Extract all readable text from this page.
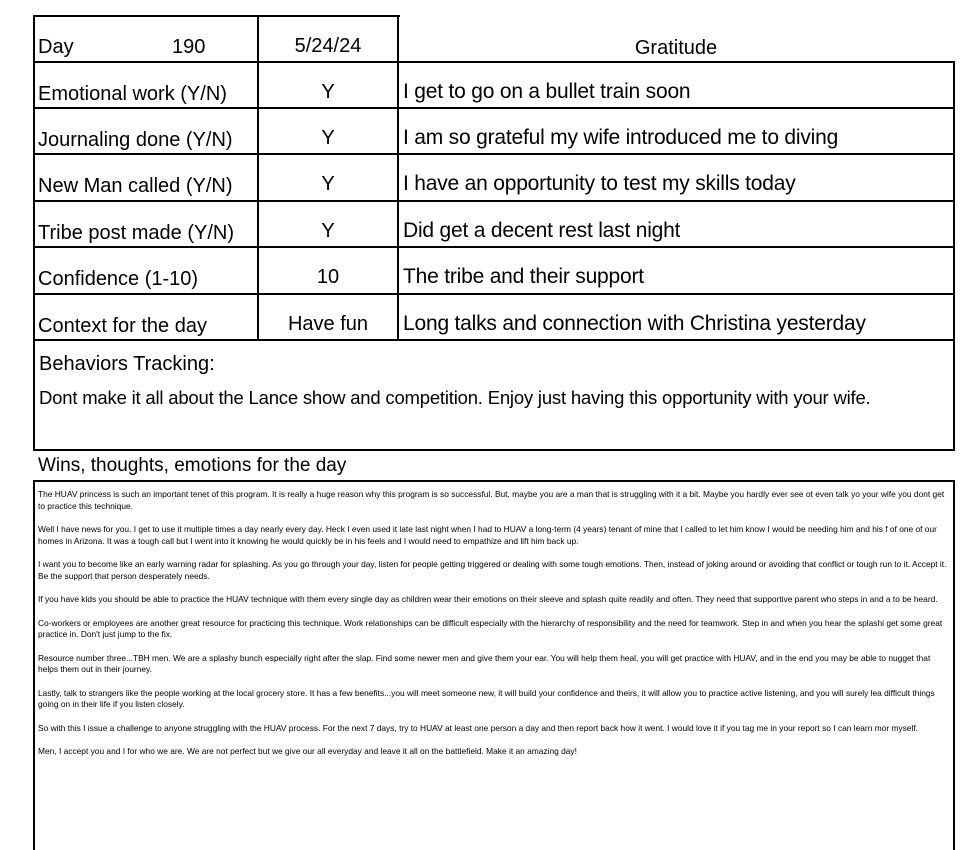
Day	190	5/24/24	Gratitude
Emotional work (Y/N)	Y	I get to go on a bullet train soon
Journaling done (Y/N)	Y	I am so grateful my wife introduced me to diving
New Man called (Y/N)	Y	I have an opportunity to test my skills today
Tribe post made (Y/N)	Y	Did get a decent rest last night
Confidence (1-10)	10	The tribe and their support
Context for the day	Have fun	Long talks and connection with Christina yesterday
Behaviors Tracking:
Dont make it all about the Lance show and competition. Enjoy just having this opportunity with your wife.
Wins, thoughts, emotions for the day

The HUAV princess is such an important tenet of this program. It is really a huge reason why this program is so successful. But, maybe you are a man that is struggling with it a bit. Maybe you hardly ever see ot even talk yo your wife you dont get to practice this technique.

Well I have news for you. I get to use it multiple times a day nearly every day. Heck I even used it late last night when I had to HUAV a long-term (4 years) tenant of mine that I called to let him know I would be needing him and his f of one of our homes in Arizona. It was a tough call but I went into it knowing he would quickly be in his feels and I would need to empathize and lift him back up.

I want you to become like an early warning radar for splashing. As you go through your day, listen for people getting triggered or dealing with some tough emotions. Then, instead of joking around or avoiding that conflict or tough run to it. Accept it. Be the support that person desperately needs.

If you have kids you should be able to practice the HUAV technique with them every single day as children wear their emotions on their sleeve and splash quite readily and often. They need that supportive parent who steps in and a to be heard.

Co-workers or employees are another great resource for practicing this technique. Work relationships can be difficult especially with the hierarchy of responsibility and the need for teamwork. Step in and when you hear the splashi get some great practice in. Don't just jump to the fix.

Resource number three...TBH men. We are a splashy bunch especially right after the slap. Find some newer men and give them your ear. You will help them heal, you will get practice with HUAV, and in the end you may be able to nugget that helps them out in their journey.

Lastly, talk to strangers like the people working at the local grocery store. It has a few benefits...you will meet someone new, it will build your confidence and theirs, it will allow you to practice active listening, and you will surely lea difficult things going on in their life if you listen closely.

So with this I issue a challenge to anyone struggling with the HUAV process. For the next 7 days, try to HUAV at least one person a day and then report back how it went. I would love it if you tag me in your report so I can learn mor myself.

Men, I accept you and I for who we are. We are not perfect but we give our all everyday and leave it all on the battlefield. Make it an amazing day!
